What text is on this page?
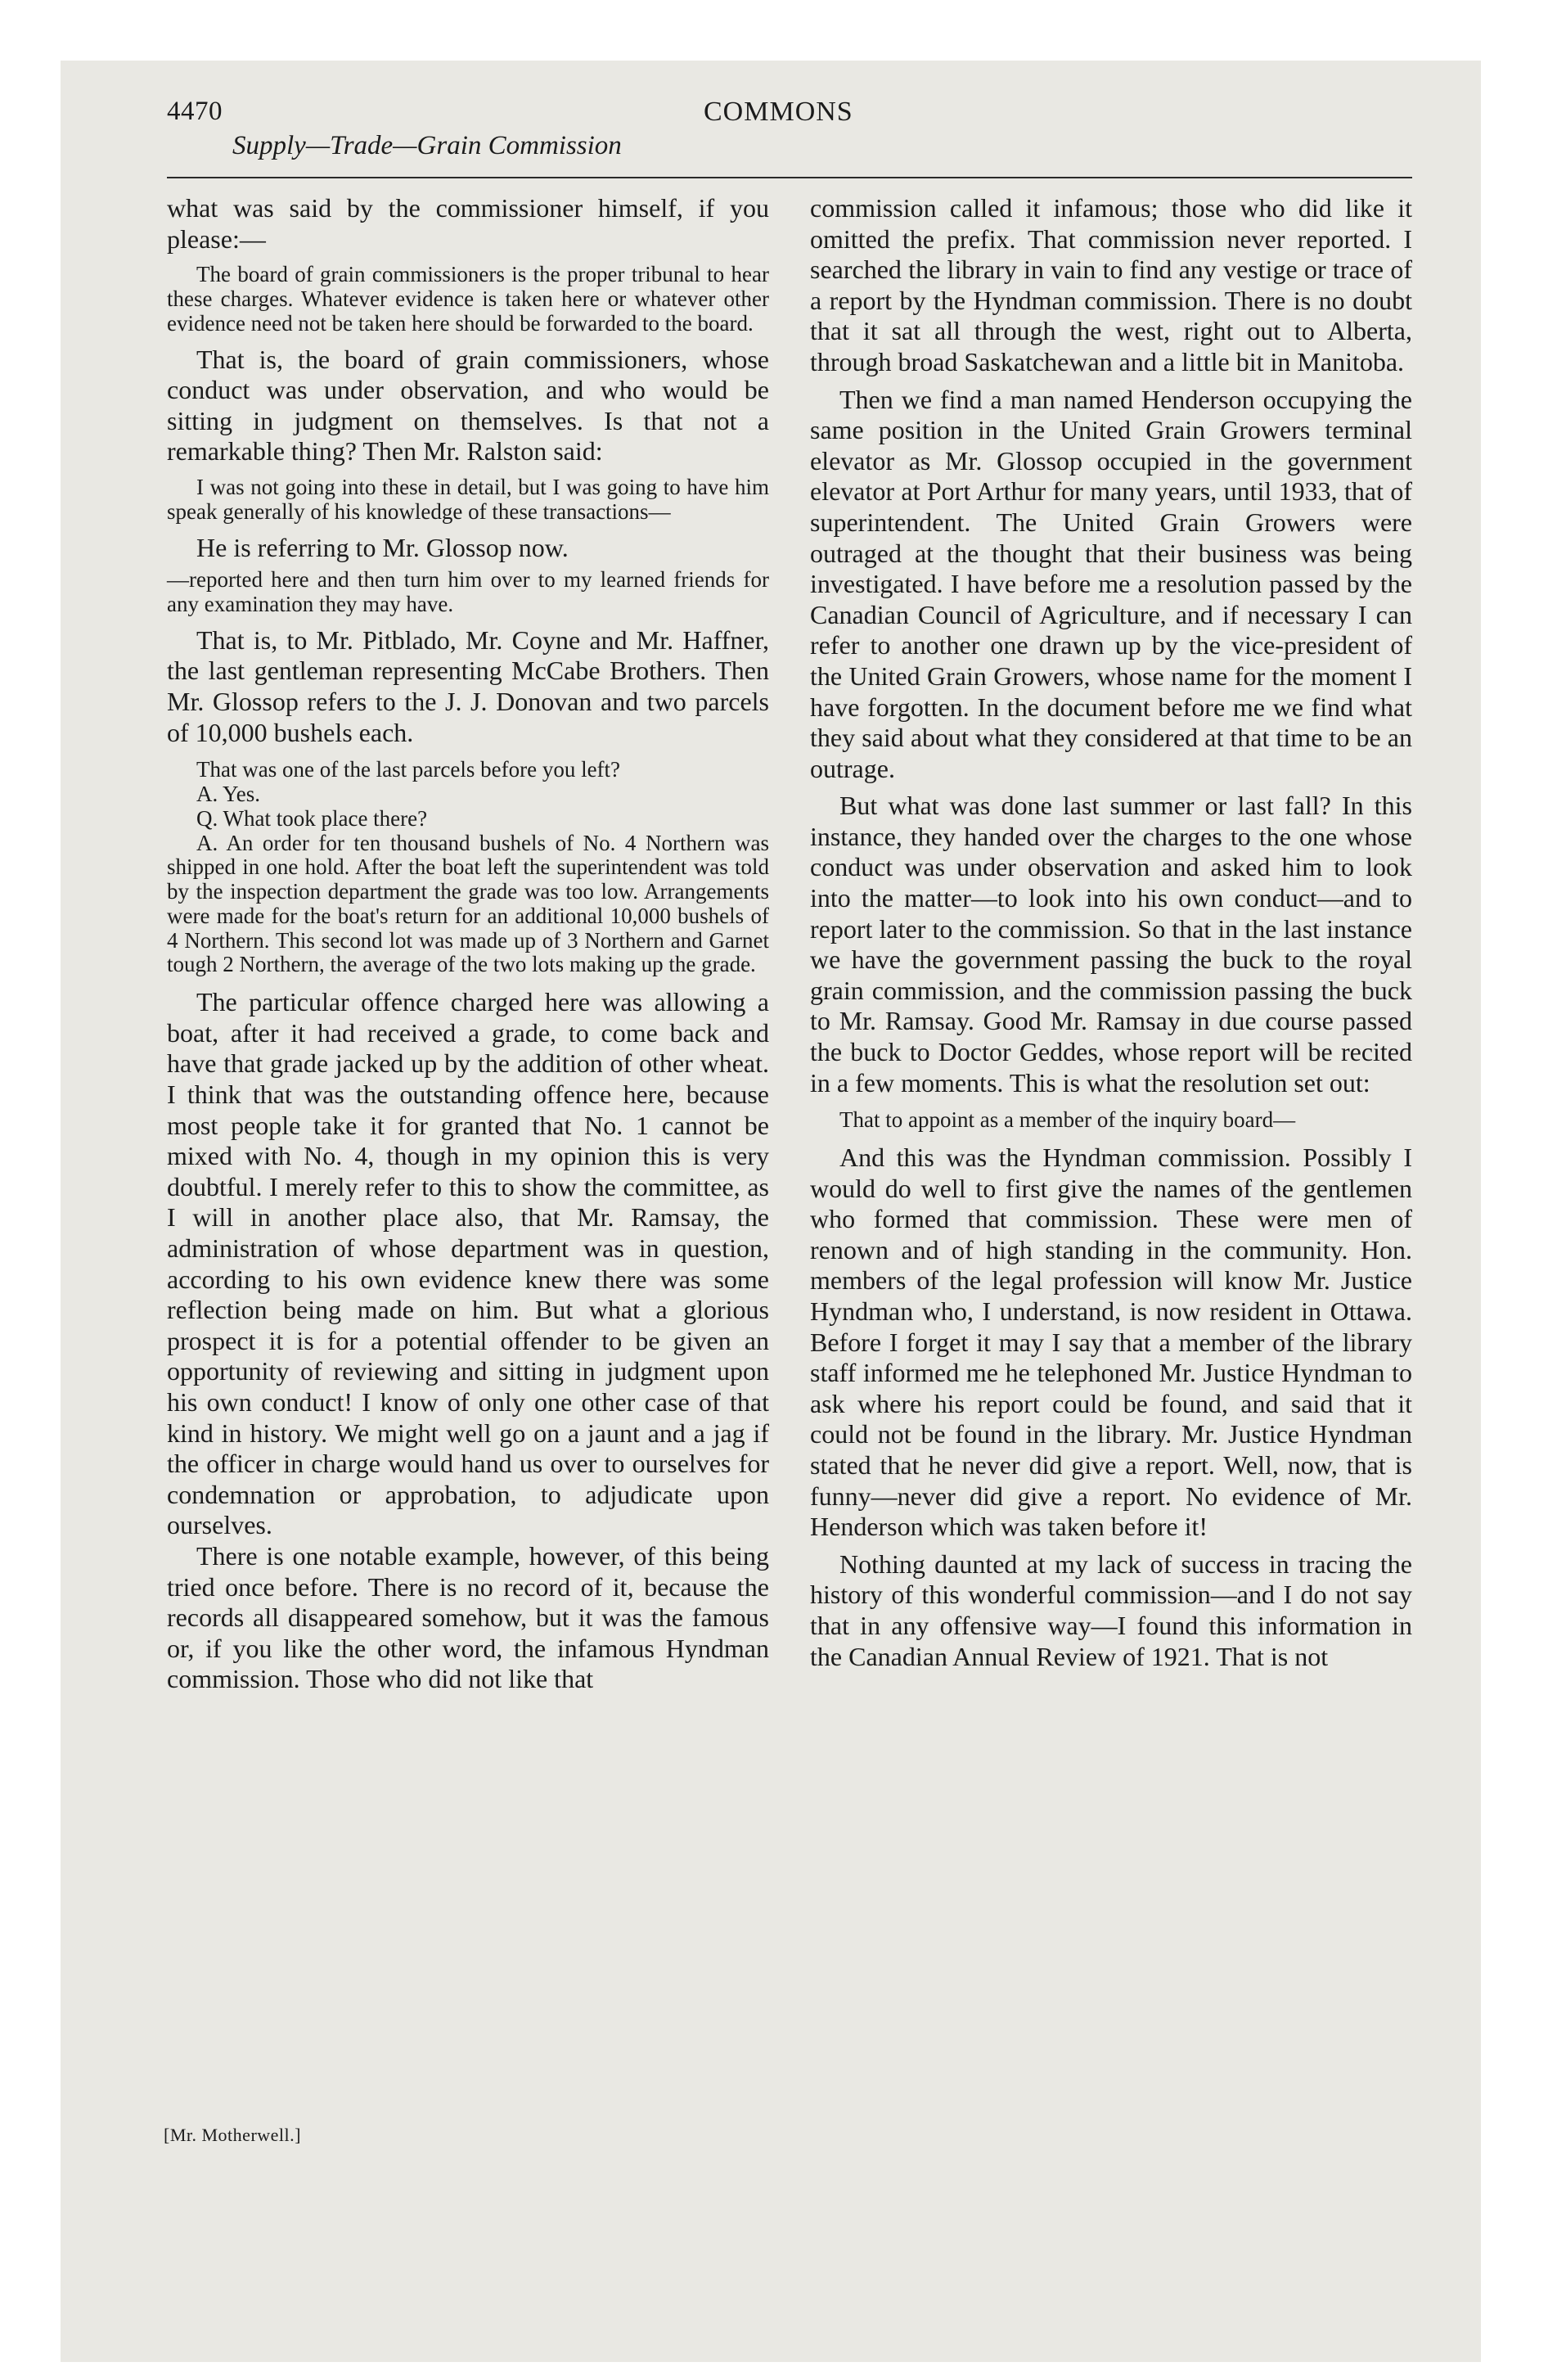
4470	COMMONS
Supply—Trade—Grain Commission

what was said by the commissioner himself, if you please:—

The board of grain commissioners is the proper tribunal to hear these charges. Whatever evidence is taken here or whatever other evidence need not be taken here should be forwarded to the board.

That is, the board of grain commissioners, whose conduct was under observation, and who would be sitting in judgment on themselves. Is that not a remarkable thing? Then Mr. Ralston said:

I was not going into these in detail, but I was going to have him speak generally of his knowledge of these transactions—

He is referring to Mr. Glossop now.

—reported here and then turn him over to my learned friends for any examination they may have.

That is, to Mr. Pitblado, Mr. Coyne and Mr. Haffner, the last gentleman representing McCabe Brothers. Then Mr. Glossop refers to the J. J. Donovan and two parcels of 10,000 bushels each.

That was one of the last parcels before you left?

A. Yes.

Q. What took place there?

A. An order for ten thousand bushels of No. 4 Northern was shipped in one hold. After the boat left the superintendent was told by the inspection department the grade was too low. Arrangements were made for the boat's return for an additional 10,000 bushels of 4 Northern. This second lot was made up of 3 Northern and Garnet tough 2 Northern, the average of the two lots making up the grade.

The particular offence charged here was allowing a boat, after it had received a grade, to come back and have that grade jacked up by the addition of other wheat. I think that was the outstanding offence here, because most people take it for granted that No. 1 cannot be mixed with No. 4, though in my opinion this is very doubtful. I merely refer to this to show the committee, as I will in another place also, that Mr. Ramsay, the administration of whose department was in question, according to his own evidence knew there was some reflection being made on him. But what a glorious prospect it is for a potential offender to be given an opportunity of reviewing and sitting in judgment upon his own conduct! I know of only one other case of that kind in history. We might well go on a jaunt and a jag if the officer in charge would hand us over to ourselves for condemnation or approbation, to adjudicate upon ourselves.

There is one notable example, however, of this being tried once before. There is no record of it, because the records all disappeared somehow, but it was the famous or, if you like the other word, the infamous Hyndman commission. Those who did not like that

commission called it infamous; those who did like it omitted the prefix. That commission never reported. I searched the library in vain to find any vestige or trace of a report by the Hyndman commission. There is no doubt that it sat all through the west, right out to Alberta, through broad Saskatchewan and a little bit in Manitoba.

Then we find a man named Henderson occupying the same position in the United Grain Growers terminal elevator as Mr. Glossop occupied in the government elevator at Port Arthur for many years, until 1933, that of superintendent. The United Grain Growers were outraged at the thought that their business was being investigated. I have before me a resolution passed by the Canadian Council of Agriculture, and if necessary I can refer to another one drawn up by the vice-president of the United Grain Growers, whose name for the moment I have forgotten. In the document before me we find what they said about what they considered at that time to be an outrage.

But what was done last summer or last fall? In this instance, they handed over the charges to the one whose conduct was under observation and asked him to look into the matter—to look into his own conduct—and to report later to the commission. So that in the last instance we have the government passing the buck to the royal grain commission, and the commission passing the buck to Mr. Ramsay. Good Mr. Ramsay in due course passed the buck to Doctor Geddes, whose report will be recited in a few moments. This is what the resolution set out:

That to appoint as a member of the inquiry board—

And this was the Hyndman commission. Possibly I would do well to first give the names of the gentlemen who formed that commission. These were men of renown and of high standing in the community. Hon. members of the legal profession will know Mr. Justice Hyndman who, I understand, is now resident in Ottawa. Before I forget it may I say that a member of the library staff informed me he telephoned Mr. Justice Hyndman to ask where his report could be found, and said that it could not be found in the library. Mr. Justice Hyndman stated that he never did give a report. Well, now, that is funny—never did give a report. No evidence of Mr. Henderson which was taken before it!

Nothing daunted at my lack of success in tracing the history of this wonderful commission—and I do not say that in any offensive way—I found this information in the Canadian Annual Review of 1921. That is not

[Mr. Motherwell.]
